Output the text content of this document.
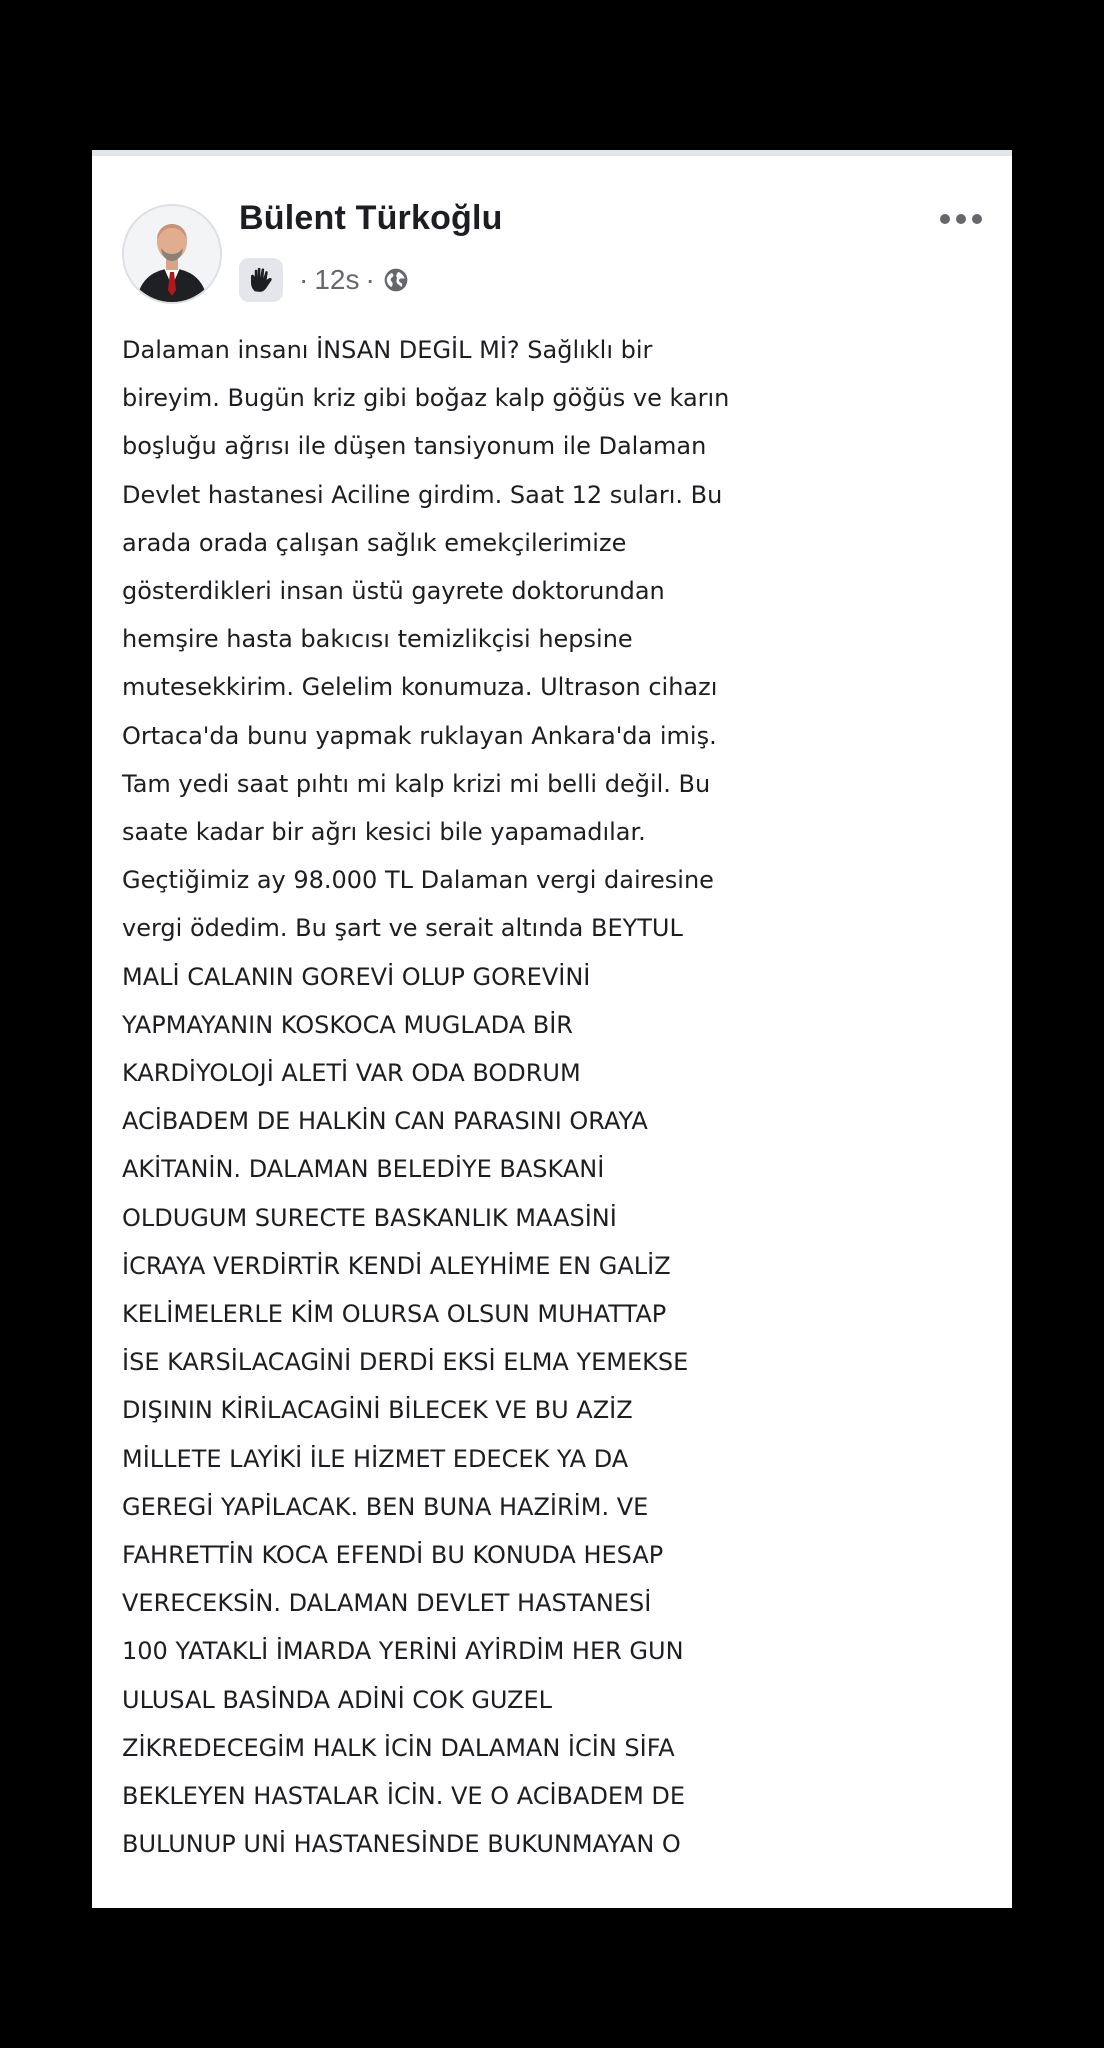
Bülent Türkoğlu
· 12s ·
Dalaman insanı İNSAN DEGİL Mİ? Sağlıklı bir
bireyim. Bugün kriz gibi boğaz kalp göğüs ve karın
boşluğu ağrısı ile düşen tansiyonum ile Dalaman
Devlet hastanesi Aciline girdim. Saat 12 suları. Bu
arada orada çalışan sağlık emekçilerimize
gösterdikleri insan üstü gayrete doktorundan
hemşire hasta bakıcısı temizlikçisi hepsine
mutesekkirim. Gelelim konumuza. Ultrason cihazı
Ortaca'da bunu yapmak ruklayan Ankara'da imiş.
Tam yedi saat pıhtı mi kalp krizi mi belli değil. Bu
saate kadar bir ağrı kesici bile yapamadılar.
Geçtiğimiz ay 98.000 TL Dalaman vergi dairesine
vergi ödedim. Bu şart ve serait altında BEYTUL
MALİ CALANIN GOREVİ OLUP GOREVİNİ
YAPMAYANIN KOSKOCA MUGLADA BİR
KARDİYOLOJİ ALETİ VAR ODA BODRUM
ACİBADEM DE HALKİN CAN PARASINI ORAYA
AKİTANİN. DALAMAN BELEDİYE BASKANİ
OLDUGUM SURECTE BASKANLIK MAASİNİ
İCRAYA VERDİRTİR KENDİ ALEYHİME EN GALİZ
KELİMELERLE KİM OLURSA OLSUN MUHATTAP
İSE KARSİLACAGİNİ DERDİ EKSİ ELMA YEMEKSE
DIŞININ KİRİLACAGİNİ BİLECEK VE BU AZİZ
MİLLETE LAYİKİ İLE HİZMET EDECEK YA DA
GEREGİ YAPİLACAK. BEN BUNA HAZİRİM. VE
FAHRETTİN KOCA EFENDİ BU KONUDA HESAP
VERECEKSİN. DALAMAN DEVLET HASTANESİ
100 YATAKLİ İMARDA YERİNİ AYİRDİM HER GUN
ULUSAL BASİNDA ADİNİ COK GUZEL
ZİKREDECEGİM HALK İCİN DALAMAN İCİN SİFA
BEKLEYEN HASTALAR İCİN. VE O ACİBADEM DE
BULUNUP UNİ HASTANESİNDE BUKUNMAYAN O
